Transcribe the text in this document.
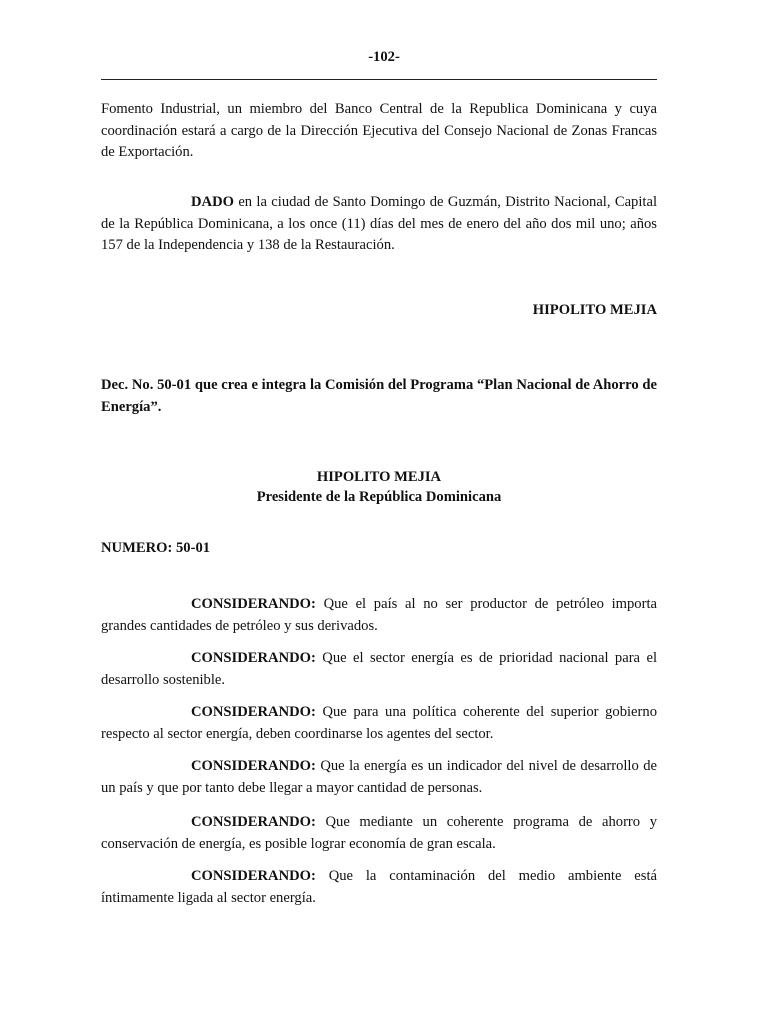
-102-

Fomento Industrial, un miembro del Banco Central de la Republica Dominicana y cuya coordinación estará a cargo de la Dirección Ejecutiva del Consejo Nacional de Zonas Francas de Exportación.

DADO en la ciudad de Santo Domingo de Guzmán, Distrito Nacional, Capital de la República Dominicana, a los once (11) días del mes de enero del año dos mil uno; años 157 de la Independencia y 138 de la Restauración.

HIPOLITO MEJIA

Dec. No. 50-01 que crea e integra la Comisión del Programa “Plan Nacional de Ahorro de Energía”.

HIPOLITO MEJIA
Presidente de la República Dominicana
NUMERO: 50-01

CONSIDERANDO: Que el país al no ser productor de petróleo importa grandes cantidades de petróleo y sus derivados.

CONSIDERANDO: Que el sector energía es de prioridad nacional para el desarrollo sostenible.

CONSIDERANDO: Que para una política coherente del superior gobierno respecto al sector energía, deben coordinarse los agentes del sector.

CONSIDERANDO: Que la energía es un indicador del nivel de desarrollo de un país y que por tanto debe llegar a mayor cantidad de personas.

CONSIDERANDO: Que mediante un coherente programa de ahorro y conservación de energía, es posible lograr economía de gran escala.

CONSIDERANDO: Que la contaminación del medio ambiente está íntimamente ligada al sector energía.
